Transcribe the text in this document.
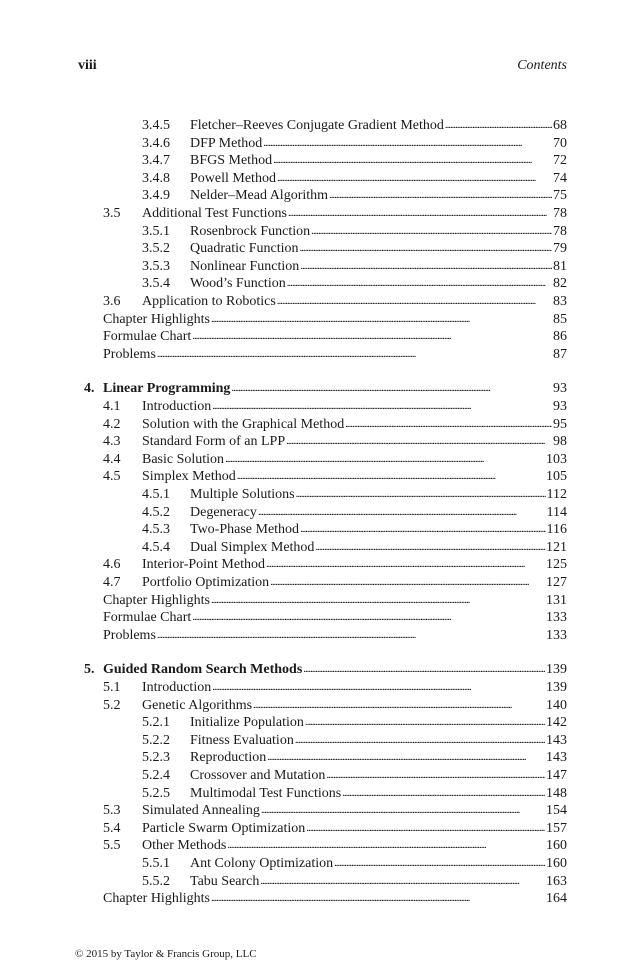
viii	Contents
3.4.5	Fletcher–Reeves Conjugate Gradient Method . . .	68
3.4.6	DFP Method . . .	70
3.4.7	BFGS Method . . .	72
3.4.8	Powell Method . . .	74
3.4.9	Nelder–Mead Algorithm . . .	75
3.5	Additional Test Functions . . .	78
3.5.1	Rosenbrock Function . . .	78
3.5.2	Quadratic Function . . .	79
3.5.3	Nonlinear Function . . .	81
3.5.4	Wood’s Function . . .	82
3.6	Application to Robotics . . .	83
Chapter Highlights . . .	85
Formulae Chart . . .	86
Problems . . .	87
4. Linear Programming . . .	93
4.1	Introduction . . .	93
4.2	Solution with the Graphical Method . . .	95
4.3	Standard Form of an LPP . . .	98
4.4	Basic Solution . . .	103
4.5	Simplex Method . . .	105
4.5.1	Multiple Solutions . . .	112
4.5.2	Degeneracy . . .	114
4.5.3	Two-Phase Method . . .	116
4.5.4	Dual Simplex Method . . .	121
4.6	Interior-Point Method . . .	125
4.7	Portfolio Optimization . . .	127
Chapter Highlights . . .	131
Formulae Chart . . .	133
Problems . . .	133
5. Guided Random Search Methods . . .	139
5.1	Introduction . . .	139
5.2	Genetic Algorithms . . .	140
5.2.1	Initialize Population . . .	142
5.2.2	Fitness Evaluation . . .	143
5.2.3	Reproduction . . .	143
5.2.4	Crossover and Mutation . . .	147
5.2.5	Multimodal Test Functions . . .	148
5.3	Simulated Annealing . . .	154
5.4	Particle Swarm Optimization . . .	157
5.5	Other Methods . . .	160
5.5.1	Ant Colony Optimization . . .	160
5.5.2	Tabu Search . . .	163
Chapter Highlights . . .	164
© 2015 by Taylor & Francis Group, LLC
